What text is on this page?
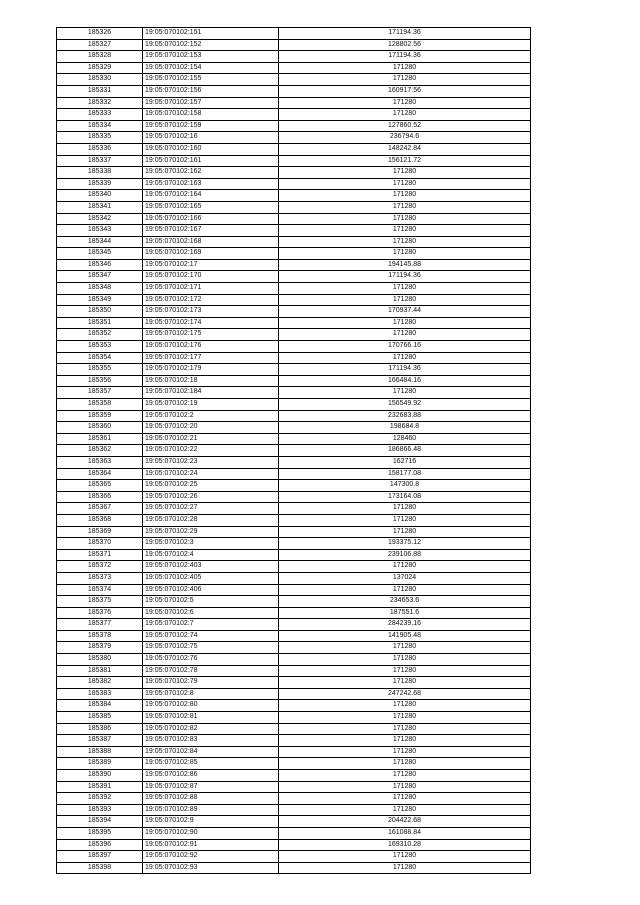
185326	19:05:070102:151	171194.36
185327	19:05:070102:152	128802.56
185328	19:05:070102:153	171194.36
185329	19:05:070102:154	171280
185330	19:05:070102:155	171280
185331	19:05:070102:156	160917.56
185332	19:05:070102:157	171280
185333	19:05:070102:158	171280
185334	19:05:070102:159	127860.52
185335	19:05:070102:16	236794.6
185336	19:05:070102:160	148242.84
185337	19:05:070102:161	156121.72
185338	19:05:070102:162	171280
185339	19:05:070102:163	171280
185340	19:05:070102:164	171280
185341	19:05:070102:165	171280
185342	19:05:070102:166	171280
185343	19:05:070102:167	171280
185344	19:05:070102:168	171280
185345	19:05:070102:169	171280
185346	19:05:070102:17	194145.88
185347	19:05:070102:170	171194.36
185348	19:05:070102:171	171280
185349	19:05:070102:172	171280
185350	19:05:070102:173	170937.44
185351	19:05:070102:174	171280
185352	19:05:070102:175	171280
185353	19:05:070102:176	170766.16
185354	19:05:070102:177	171280
185355	19:05:070102:179	171194.36
185356	19:05:070102:18	166484.16
185357	19:05:070102:184	171280
185358	19:05:070102:19	156549.92
185359	19:05:070102:2	232683.88
185360	19:05:070102:20	198684.8
185361	19:05:070102:21	128460
185362	19:05:070102:22	186866.48
185363	19:05:070102:23	162716
185364	19:05:070102:24	158177.08
185365	19:05:070102:25	147300.8
185366	19:05:070102:26	173164.08
185367	19:05:070102:27	171280
185368	19:05:070102:28	171280
185369	19:05:070102:29	171280
185370	19:05:070102:3	193375.12
185371	19:05:070102:4	239106.88
185372	19:05:070102:403	171280
185373	19:05:070102:405	137024
185374	19:05:070102:406	171280
185375	19:05:070102:5	234653.6
185376	19:05:070102:6	187551.6
185377	19:05:070102:7	284239.16
185378	19:05:070102:74	141905.48
185379	19:05:070102:75	171280
185380	19:05:070102:76	171280
185381	19:05:070102:78	171280
185382	19:05:070102:79	171280
185383	19:05:070102:8	247242.68
185384	19:05:070102:80	171280
185385	19:05:070102:81	171280
185386	19:05:070102:82	171280
185387	19:05:070102:83	171280
185388	19:05:070102:84	171280
185389	19:05:070102:85	171280
185390	19:05:070102:86	171280
185391	19:05:070102:87	171280
185392	19:05:070102:88	171280
185393	19:05:070102:89	171280
185394	19:05:070102:9	204422.68
185395	19:05:070102:90	161088.84
185396	19:05:070102:91	169310.28
185397	19:05:070102:92	171280
185398	19:05:070102:93	171280
